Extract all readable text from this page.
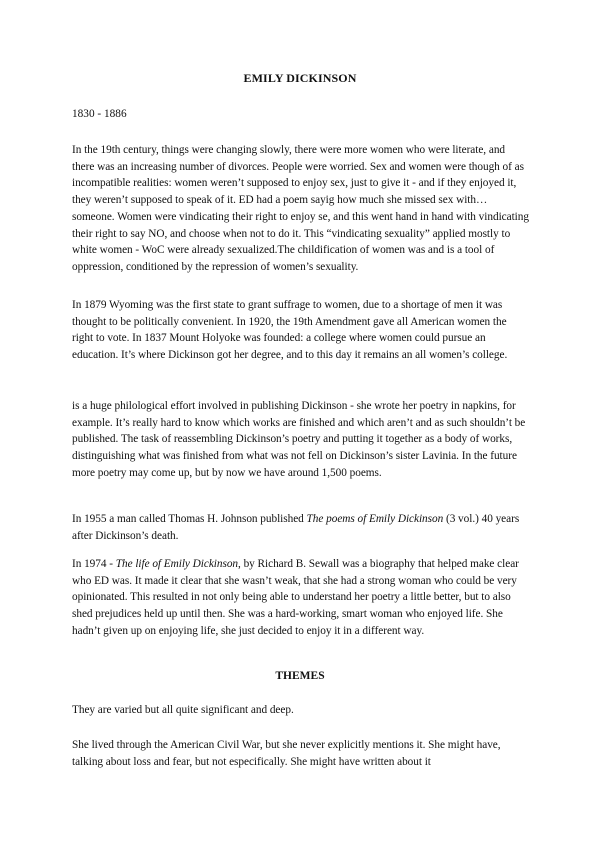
EMILY DICKINSON
1830 - 1886

In the 19th century, things were changing slowly, there were more women who were literate, and there was an increasing number of divorces. People were worried. Sex and women were though of as incompatible realities: women weren’t supposed to enjoy sex, just to give it - and if they enjoyed it, they weren’t supposed to speak of it. ED had a poem sayig how much she missed sex with… someone. Women were vindicating their right to enjoy se, and this went hand in hand with vindicating their right to say NO, and choose when not to do it. This “vindicating sexuality” applied mostly to white women - WoC were already sexualized.The childification of women was and is a tool of oppression, conditioned by the repression of women’s sexuality.

In 1879 Wyoming was the first state to grant suffrage to women, due to a shortage of men it was thought to be politically convenient. In 1920, the 19th Amendment gave all American women the right to vote. In 1837 Mount Holyoke was founded: a college where women could pursue an education. It’s where Dickinson got her degree, and to this day it remains an all women’s college.

is a huge philological effort involved in publishing Dickinson - she wrote her poetry in napkins, for example. It’s really hard to know which works are finished and which aren’t and as such shouldn’t be published. The task of reassembling Dickinson’s poetry and putting it together as a body of works, distinguishing what was finished from what was not fell on Dickinson’s sister Lavinia. In the future more poetry may come up, but by now we have around 1,500 poems.

In 1955 a man called Thomas H. Johnson published The poems of Emily Dickinson (3 vol.) 40 years after Dickinson’s death.

In 1974 - The life of Emily Dickinson, by Richard B. Sewall was a biography that helped make clear who ED was. It made it clear that she wasn’t weak, that she had a strong woman who could be very opinionated. This resulted in not only being able to understand her poetry a little better, but to also shed prejudices held up until then. She was a hard-working, smart woman who enjoyed life. She hadn’t given up on enjoying life, she just decided to enjoy it in a different way.

THEMES

They are varied but all quite significant and deep.

She lived through the American Civil War, but she never explicitly mentions it. She might have, talking about loss and fear, but not especifically. She might have written about it
